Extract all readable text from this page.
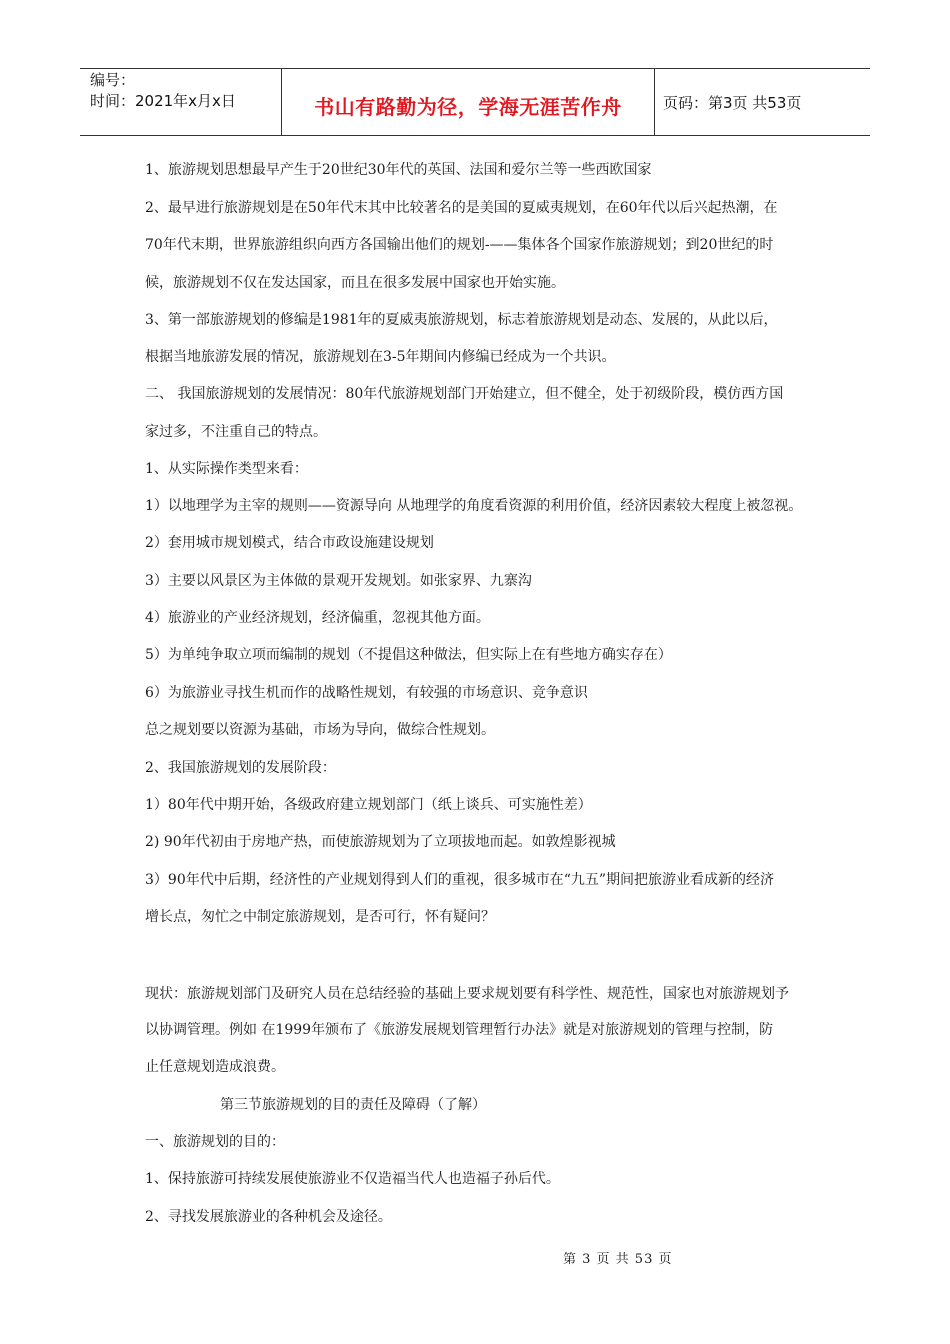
编号：
时间：2021年x月x日	书山有路勤为径，学海无涯苦作舟	页码：第3页 共53页
1、旅游规划思想最早产生于20世纪30年代的英国、法国和爱尔兰等一些西欧国家
2、最早进行旅游规划是在50年代末其中比较著名的是美国的夏威夷规划，在60年代以后兴起热潮，在
70年代末期，世界旅游组织向西方各国输出他们的规划-——集体各个国家作旅游规划；到20世纪的时
候，旅游规划不仅在发达国家，而且在很多发展中国家也开始实施。
3、第一部旅游规划的修编是1981年的夏威夷旅游规划，标志着旅游规划是动态、发展的，从此以后，
根据当地旅游发展的情况，旅游规划在3-5年期间内修编已经成为一个共识。
二、 我国旅游规划的发展情况：80年代旅游规划部门开始建立，但不健全，处于初级阶段，模仿西方国
家过多，不注重自己的特点。
1、从实际操作类型来看：
1）以地理学为主宰的规则——资源导向 从地理学的角度看资源的利用价值，经济因素较大程度上被忽视。
2）套用城市规划模式，结合市政设施建设规划
3）主要以风景区为主体做的景观开发规划。如张家界、九寨沟
4）旅游业的产业经济规划，经济偏重，忽视其他方面。
5）为单纯争取立项而编制的规划（不提倡这种做法，但实际上在有些地方确实存在）
6）为旅游业寻找生机而作的战略性规划，有较强的市场意识、竞争意识
总之规划要以资源为基础，市场为导向，做综合性规划。
2、我国旅游规划的发展阶段：
1）80年代中期开始，各级政府建立规划部门（纸上谈兵、可实施性差）
2) 90年代初由于房地产热，而使旅游规划为了立项拔地而起。如敦煌影视城
3）90年代中后期，经济性的产业规划得到人们的重视，很多城市在“九五”期间把旅游业看成新的经济
增长点，匆忙之中制定旅游规划，是否可行，怀有疑问？
现状：旅游规划部门及研究人员在总结经验的基础上要求规划要有科学性、规范性，国家也对旅游规划予
以协调管理。例如 在1999年颁布了《旅游发展规划管理暂行办法》就是对旅游规划的管理与控制，防
止任意规划造成浪费。
第三节旅游规划的目的责任及障碍（了解）
一、旅游规划的目的：
1、保持旅游可持续发展使旅游业不仅造福当代人也造福子孙后代。
2、寻找发展旅游业的各种机会及途径。
第 3 页 共 53 页
